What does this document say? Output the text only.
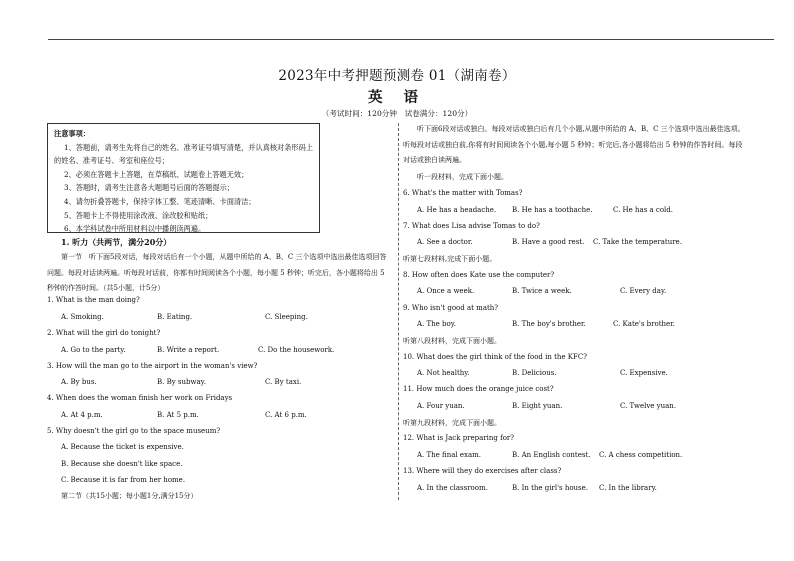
2023年中考押题预测卷 01（湖南卷）
英 语
（考试时间：120分钟　试卷满分：120分）
注意事项：
1、答题前，请考生先将自己的姓名、准考证号填写清楚，并认真核对条形码上的姓名、准考证号、考室和座位号；
2、必须在答题卡上答题，在草稿纸、试题卷上答题无效；
3、答题时，请考生注意各大题题号后面的答题提示；
4、请勿折叠答题卡，保持字体工整、笔迹清晰、卡面清洁；
5、答题卡上不得使用涂改液、涂改胶和贴纸；
6、本学科试卷中所用材料以中播朗读两遍。
1. 听力（共两节，满分20分）
第一节　听下面5段对话，每段对话后有一个小题，从题中所给的 A、B、C 三个选项中选出最佳选项回答问题。每段对话读两遍。听每段对话前，你都有时间阅读各个小题，每小题 5 秒钟；听完后，各小题将给出 5 秒钟的作答时间。（共5小题，计5分）
1. What is the man doing?
A. Smoking.	B. Eating.	C. Sleeping.
2. What will the girl do tonight?
A. Go to the party.	B. Write a report.	C. Do the housework.
3. How will the man go to the airport in the woman's view?
A. By bus.	B. By subway.	C. By taxi.
4. When does the woman finish her work on Fridays
A. At 4 p.m.	B. At 5 p.m.	C. At 6 p.m.
5. Why doesn't the girl go to the space museum?
A. Because the ticket is expensive.
B. Because she doesn't like space.
C. Because it is far from her home.
第二节（共15小题；每小题1分,满分15分）
听下面6段对话或独白。每段对话或独白后有几个小题,从题中所给的 A、B、C 三个选项中选出最佳选项。听每段对话或独白前,你将有时间阅读各个小题,每小题 5 秒钟；听完后,各小题将给出 5 秒钟的作答时间。每段对话或独白读两遍。
听一段材料，完成下面小题。
6. What's the matter with Tomas?
A. He has a headache. B. He has a toothache.	C. He has a cold.
7. What does Lisa advise Tomas to do?
A. See a doctor.	B. Have a good rest. C. Take the temperature.
听第七段材料,完成下面小题。
8. How often does Kate use the computer?
A. Once a week.	B. Twice a week.	C. Every day.
9. Who isn't good at math?
A. The boy.	B. The boy's brother.	C. Kate's brother.
听第八段材料，完成下面小题。
10. What does the girl think of the food in the KFC?
A. Not healthy.	B. Delicious.	C. Expensive.
11. How much does the orange juice cost?
A. Four yuan.	B. Eight yuan.	C. Twelve yuan.
听第九段材料，完成下面小题。
12. What is Jack preparing for?
A. The final exam.	B. An English contest. C. A chess competition.
13. Where will they do exercises after class?
A. In the classroom.	B. In the girl's house. C. In the library.
